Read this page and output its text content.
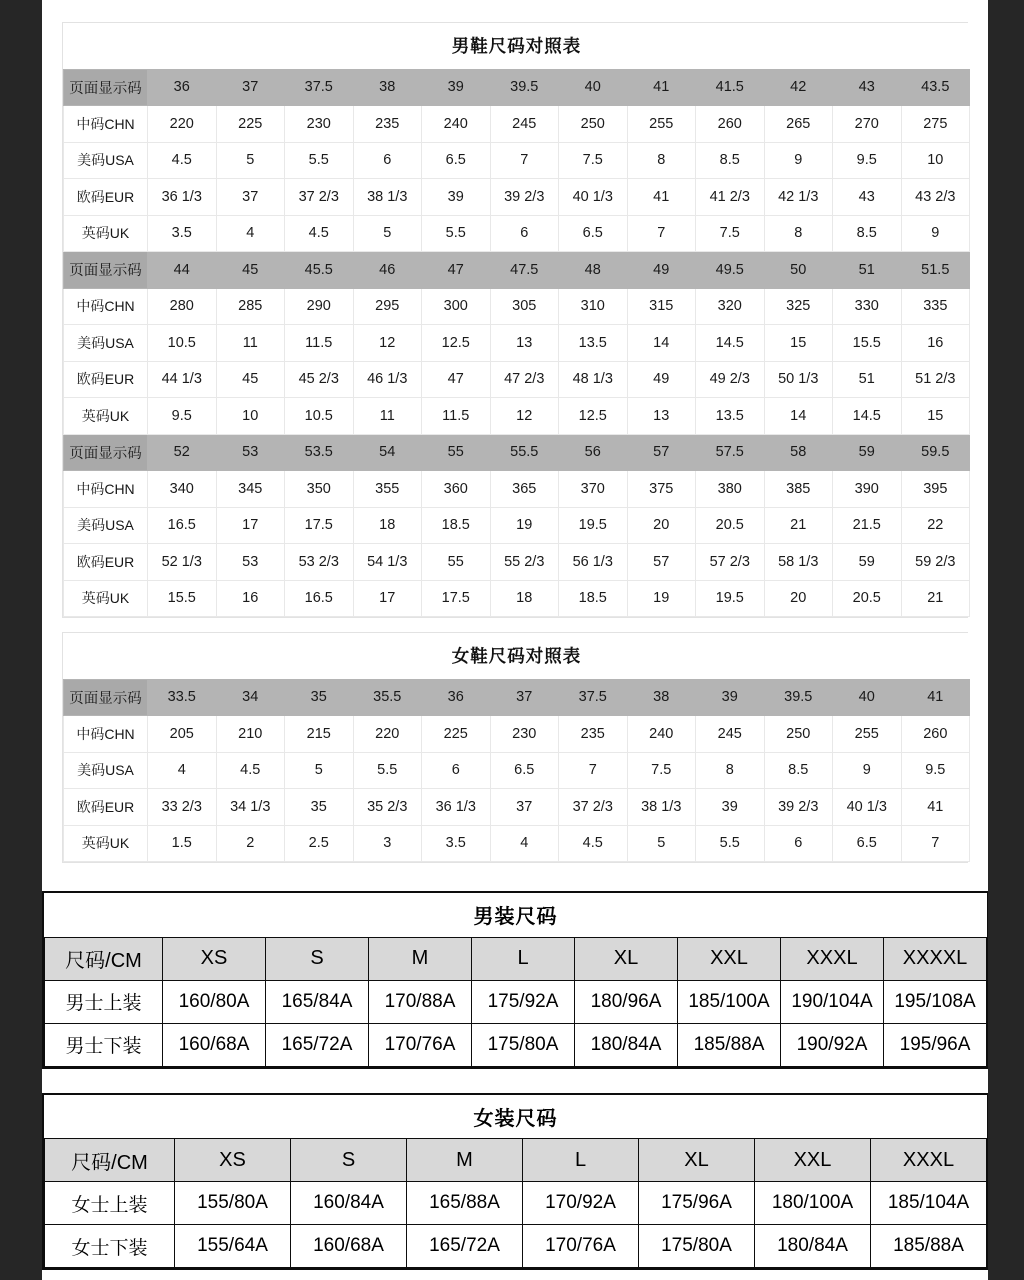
男鞋尺码对照表												
页面显示码	36	37	37.5	38	39	39.5	40	41	41.5	42	43	43.5
中码CHN	220	225	230	235	240	245	250	255	260	265	270	275
美码USA	4.5	5	5.5	6	6.5	7	7.5	8	8.5	9	9.5	10
欧码EUR	36 1/3	37	37 2/3	38 1/3	39	39 2/3	40 1/3	41	41 2/3	42 1/3	43	43 2/3
英码UK	3.5	4	4.5	5	5.5	6	6.5	7	7.5	8	8.5	9
页面显示码	44	45	45.5	46	47	47.5	48	49	49.5	50	51	51.5
中码CHN	280	285	290	295	300	305	310	315	320	325	330	335
美码USA	10.5	11	11.5	12	12.5	13	13.5	14	14.5	15	15.5	16
欧码EUR	44 1/3	45	45 2/3	46 1/3	47	47 2/3	48 1/3	49	49 2/3	50 1/3	51	51 2/3
英码UK	9.5	10	10.5	11	11.5	12	12.5	13	13.5	14	14.5	15
页面显示码	52	53	53.5	54	55	55.5	56	57	57.5	58	59	59.5
中码CHN	340	345	350	355	360	365	370	375	380	385	390	395
美码USA	16.5	17	17.5	18	18.5	19	19.5	20	20.5	21	21.5	22
欧码EUR	52 1/3	53	53 2/3	54 1/3	55	55 2/3	56 1/3	57	57 2/3	58 1/3	59	59 2/3
英码UK	15.5	16	16.5	17	17.5	18	18.5	19	19.5	20	20.5	21
女鞋尺码对照表												
页面显示码	33.5	34	35	35.5	36	37	37.5	38	39	39.5	40	41
中码CHN	205	210	215	220	225	230	235	240	245	250	255	260
美码USA	4	4.5	5	5.5	6	6.5	7	7.5	8	8.5	9	9.5
欧码EUR	33 2/3	34 1/3	35	35 2/3	36 1/3	37	37 2/3	38 1/3	39	39 2/3	40 1/3	41
英码UK	1.5	2	2.5	3	3.5	4	4.5	5	5.5	6	6.5	7
男装尺码								
尺码/CM	XS	S	M	L	XL	XXL	XXXL	XXXXL
男士上装	160/80A	165/84A	170/88A	175/92A	180/96A	185/100A	190/104A	195/108A
男士下装	160/68A	165/72A	170/76A	175/80A	180/84A	185/88A	190/92A	195/96A
女装尺码							
尺码/CM	XS	S	M	L	XL	XXL	XXXL
女士上装	155/80A	160/84A	165/88A	170/92A	175/96A	180/100A	185/104A
女士下装	155/64A	160/68A	165/72A	170/76A	175/80A	180/84A	185/88A
